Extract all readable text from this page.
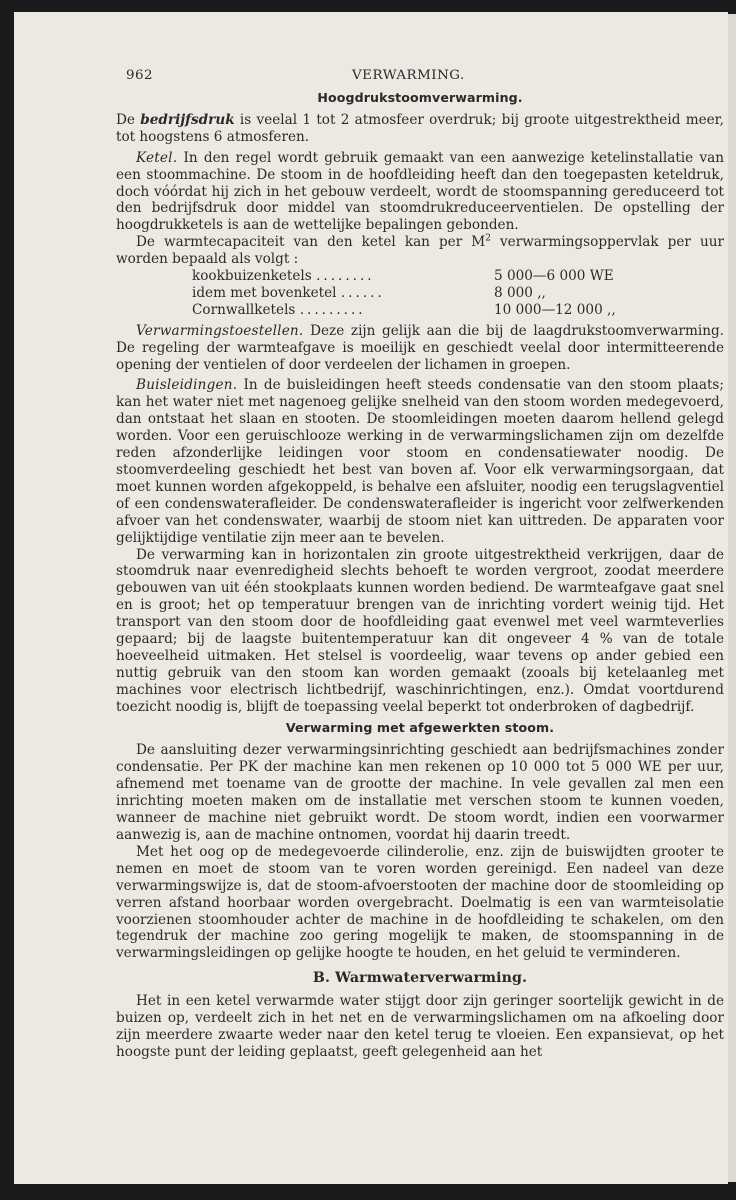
962	VERWARMING.
Hoogdrukstoomverwarming.

De bedrijfsdruk is veelal 1 tot 2 atmosfeer overdruk; bij groote uitgestrektheid meer, tot hoogstens 6 atmosferen.

Ketel. In den regel wordt gebruik gemaakt van een aanwezige ketelinstallatie van een stoommachine. De stoom in de hoofdleiding heeft dan den toegepasten keteldruk, doch vóórdat hij zich in het gebouw verdeelt, wordt de stoomspanning gereduceerd tot den bedrijfsdruk door middel van stoomdrukreduceerventielen. De opstelling der hoogdrukketels is aan de wettelijke bepalingen gebonden.

De warmtecapaciteit van den ketel kan per $M^2$ verwarmingsoppervlak per uur worden bepaald als volgt :

kookbuizenketels ........	5 000—6 000 WE
idem met bovenketel ......	8 000 ,,
Cornwallketels .........	10 000—12 000 ,,

Verwarmingstoestellen. Deze zijn gelijk aan die bij de laagdrukstoomverwarming. De regeling der warmteafgave is moeilijk en geschiedt veelal door intermitteerende opening der ventielen of door verdeelen der lichamen in groepen.

Buisleidingen. In de buisleidingen heeft steeds condensatie van den stoom plaats; kan het water niet met nagenoeg gelijke snelheid van den stoom worden medegevoerd, dan ontstaat het slaan en stooten. De stoomleidingen moeten daarom hellend gelegd worden. Voor een geruischlooze werking in de verwarmingslichamen zijn om dezelfde reden afzonderlijke leidingen voor stoom en condensatiewater noodig. De stoomverdeeling geschiedt het best van boven af. Voor elk verwarmingsorgaan, dat moet kunnen worden afgekoppeld, is behalve een afsluiter, noodig een terugslagventiel of een condenswaterafleider. De condenswaterafleider is ingericht voor zelfwerkenden afvoer van het condenswater, waarbij de stoom niet kan uittreden. De apparaten voor gelijktijdige ventilatie zijn meer aan te bevelen.

De verwarming kan in horizontalen zin groote uitgestrektheid verkrijgen, daar de stoomdruk naar evenredigheid slechts behoeft te worden vergroot, zoodat meerdere gebouwen van uit één stookplaats kunnen worden bediend. De warmteafgave gaat snel en is groot; het op temperatuur brengen van de inrichting vordert weinig tijd. Het transport van den stoom door de hoofdleiding gaat evenwel met veel warmteverlies gepaard; bij de laagste buitentemperatuur kan dit ongeveer 4 % van de totale hoeveelheid uitmaken. Het stelsel is voordeelig, waar tevens op ander gebied een nuttig gebruik van den stoom kan worden gemaakt (zooals bij ketelaanleg met machines voor electrisch lichtbedrijf, waschinrichtingen, enz.). Omdat voortdurend toezicht noodig is, blijft de toepassing veelal beperkt tot onderbroken of dagbedrijf.

Verwarming met afgewerkten stoom.

De aansluiting dezer verwarmingsinrichting geschiedt aan bedrijfsmachines zonder condensatie. Per PK der machine kan men rekenen op 10 000 tot 5 000 WE per uur, afnemend met toename van de grootte der machine. In vele gevallen zal men een inrichting moeten maken om de installatie met verschen stoom te kunnen voeden, wanneer de machine niet gebruikt wordt. De stoom wordt, indien een voorwarmer aanwezig is, aan de machine ontnomen, voordat hij daarin treedt.

Met het oog op de medegevoerde cilinderolie, enz. zijn de buiswijdten grooter te nemen en moet de stoom van te voren worden gereinigd. Een nadeel van deze verwarmingswijze is, dat de stoom-afvoerstooten der machine door de stoomleiding op verren afstand hoorbaar worden overgebracht. Doelmatig is een van warmteisolatie voorzienen stoomhouder achter de machine in de hoofdleiding te schakelen, om den tegendruk der machine zoo gering mogelijk te maken, de stoomspanning in de verwarmingsleidingen op gelijke hoogte te houden, en het geluid te verminderen.

B. Warmwaterverwarming.

Het in een ketel verwarmde water stijgt door zijn geringer soortelijk gewicht in de buizen op, verdeelt zich in het net en de verwarmingslichamen om na afkoeling door zijn meerdere zwaarte weder naar den ketel terug te vloeien. Een expansievat, op het hoogste punt der leiding geplaatst, geeft gelegenheid aan het
